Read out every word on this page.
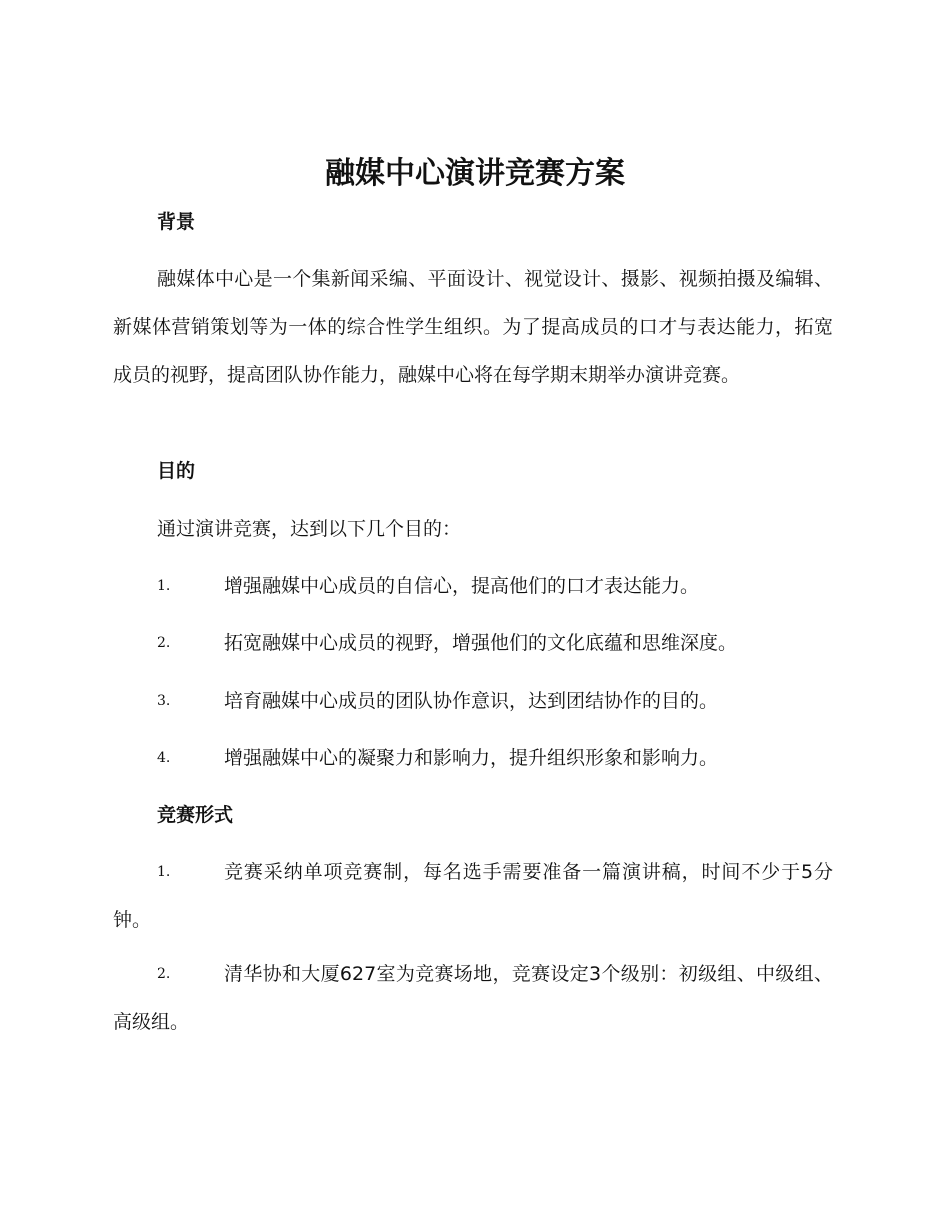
融媒中心演讲竞赛方案
背景

融媒体中心是一个集新闻采编、平面设计、视觉设计、摄影、视频拍摄及编辑、新媒体营销策划等为一体的综合性学生组织。为了提高成员的口才与表达能力，拓宽成员的视野，提高团队协作能力，融媒中心将在每学期末期举办演讲竞赛。

目的

通过演讲竞赛，达到以下几个目的：

1.	增强融媒中心成员的自信心，提高他们的口才表达能力。
2.	拓宽融媒中心成员的视野，增强他们的文化底蕴和思维深度。
3.	培育融媒中心成员的团队协作意识，达到团结协作的目的。
4.	增强融媒中心的凝聚力和影响力，提升组织形象和影响力。
竞赛形式
1.	竞赛采纳单项竞赛制，每名选手需要准备一篇演讲稿，时间不少于5分钟。
2.	清华协和大厦627室为竞赛场地，竞赛设定3个级别：初级组、中级组、高级组。
